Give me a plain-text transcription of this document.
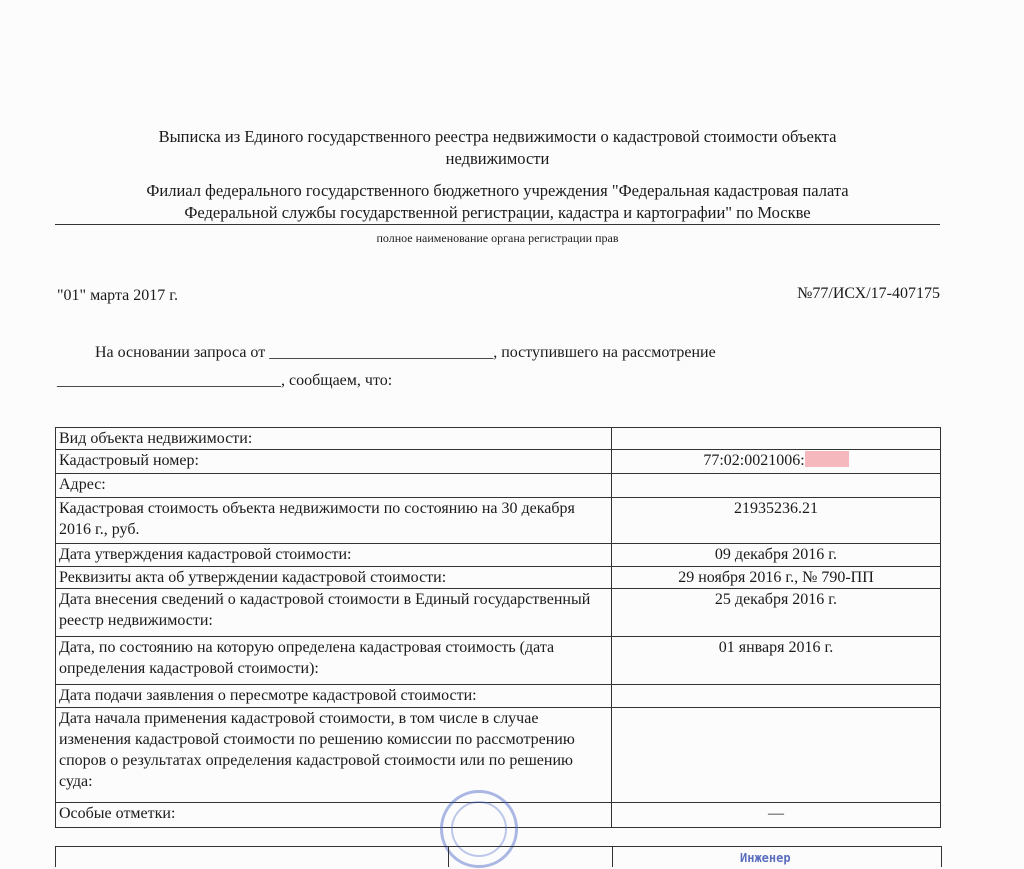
Выписка из Единого государственного реестра недвижимости о кадастровой стоимости объекта
недвижимости
Филиал федерального государственного бюджетного учреждения "Федеральная кадастровая палата
Федеральной службы государственной регистрации, кадастра и картографии" по Москве
полное наименование органа регистрации прав
"01" марта 2017 г.	№77/ИСХ/17-407175
На основании запроса от ____________________________, поступившего на рассмотрение
____________________________, сообщаем, что:
Вид объекта недвижимости:	
Кадастровый номер:	77:02:0021006:
Адрес:	
Кадастровая стоимость объекта недвижимости по состоянию на 30 декабря 2016 г., руб.	21935236.21
Дата утверждения кадастровой стоимости:	09 декабря 2016 г.
Реквизиты акта об утверждении кадастровой стоимости:	29 ноября 2016 г., № 790-ПП
Дата внесения сведений о кадастровой стоимости в Единый государственный реестр недвижимости:	25 декабря 2016 г.
Дата, по состоянию на которую определена кадастровая стоимость (дата определения кадастровой стоимости):	01 января 2016 г.
Дата подачи заявления о пересмотре кадастровой стоимости:	
Дата начала применения кадастровой стоимости, в том числе в случае изменения кадастровой стоимости по решению комиссии по рассмотрению споров о результатах определения кадастровой стоимости или по решению суда:	
Особые отметки:	—
Инженер
